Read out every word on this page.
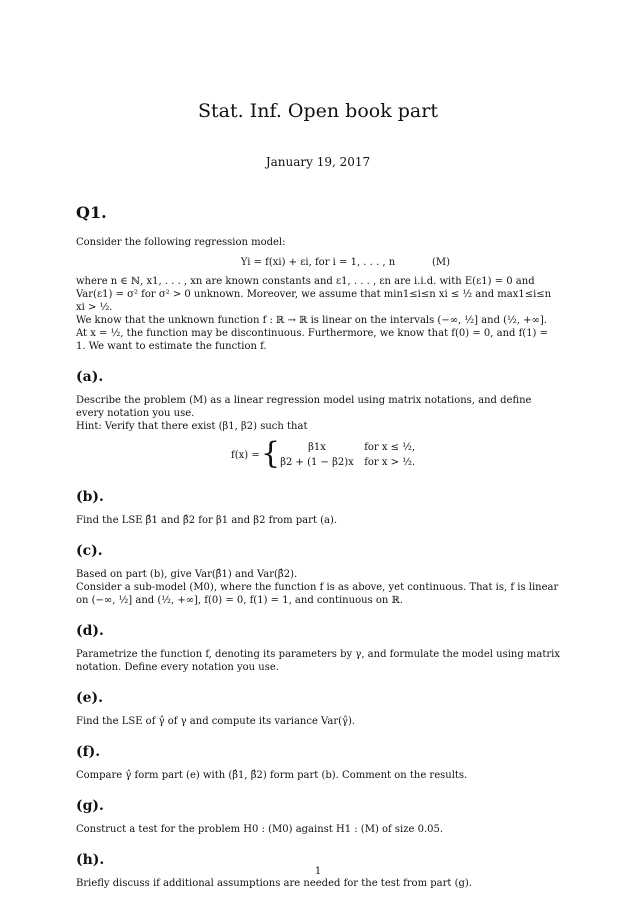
Stat. Inf. Open book part
January 19, 2017
Q1.

Consider the following regression model:

Yi = f(xi) + εi, for i = 1, . . . , n	(M)

where n ∈ ℕ, x1, . . . , xn are known constants and ε1, . . . , εn are i.i.d. with E(ε1) = 0 and Var(ε1) = σ² for σ² > 0 unknown. Moreover, we assume that min1≤i≤n xi ≤ ½ and max1≤i≤n xi > ½.

We know that the unknown function f : ℝ → ℝ is linear on the intervals (−∞, ½] and (½, +∞]. At x = ½, the function may be discontinuous. Furthermore, we know that f(0) = 0, and f(1) = 1. We want to estimate the function f.

(a).

Describe the problem (M) as a linear regression model using matrix notations, and define every notation you use.

Hint: Verify that there exist (β1, β2) such that

f(x) = {	β1x	for x ≤ ½,
β2 + (1 − β2)x for x > ½.
(b).

Find the LSE β̂1 and β̂2 for β1 and β2 from part (a).

(c).

Based on part (b), give Var(β̂1) and Var(β̂2).

Consider a sub-model (M0), where the function f is as above, yet continuous. That is, f is linear on (−∞, ½] and (½, +∞], f(0) = 0, f(1) = 1, and continuous on ℝ.

(d).

Parametrize the function f, denoting its parameters by γ, and formulate the model using matrix notation. Define every notation you use.

(e).

Find the LSE of γ̂ of γ and compute its variance Var(γ̂).

(f).

Compare γ̂ form part (e) with (β̂1, β̂2) form part (b). Comment on the results.

(g).

Construct a test for the problem H0 : (M0) against H1 : (M) of size 0.05.

(h).

Briefly discuss if additional assumptions are needed for the test from part (g).

1
